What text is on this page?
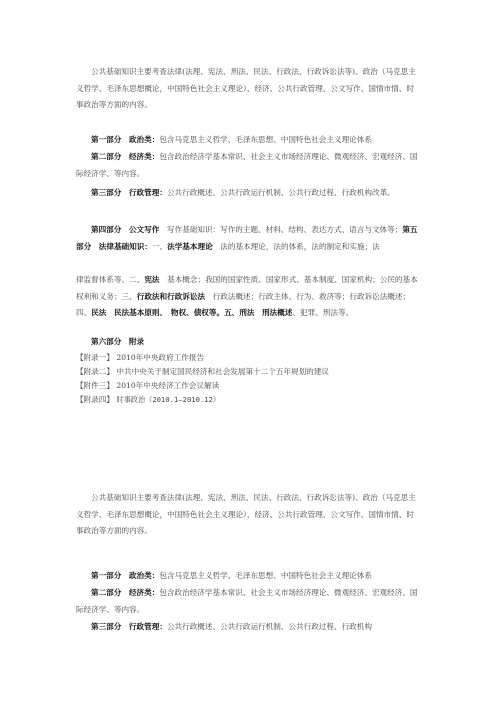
公共基础知识主要考查法律(法理、宪法、刑法、民法、行政法、行政诉讼法等)、政治（马克思主义哲学、毛泽东思想概论，中国特色社会主义理论）、经济、公共行政管理、公文写作、国情市情、时事政治等方面的内容。
第一部分　政治类：包含马克思主义哲学、毛泽东思想、中国特色社会主义理论体系
第二部分　经济类：包含政治经济学基本常识、社会主义市场经济理论、微观经济、宏观经济、国际经济学、等内容。
第三部分　行政管理：公共行政概述、公共行政运行机制、公共行政过程、行政机构改革。
第四部分　公文写作　写作基础知识：写作的主题、材料、结构、表达方式、语言与文体等；第五部分　法律基础知识：一、法学基本理论　法的基本理论，法的体系，法的制定和实施；法
律监督体系等。二、宪法　基本概念；我国的国家性质、国家形式、基本制度、国家机构；公民的基本权利和义务；三、行政法和行政诉讼法　行政法概述；行政主体、行为、救济等；行政诉讼法概述；四、民法　民法基本原则、　物权、债权等。五、刑法　刑法概述、犯罪、刑法等。
第六部分　附录
【附录一】 2010年中央政府工作报告
【附录二】 中共中央关于制定国民经济和社会发展第十二个五年规划的建议
【附件三】 2010年中央经济工作会议解读
【附录四】 时事政治（2010.1—2010.12）
公共基础知识主要考查法律(法理、宪法、刑法、民法、行政法、行政诉讼法等)、政治（马克思主义哲学、毛泽东思想概论，中国特色社会主义理论）、经济、公共行政管理、公文写作、国情市情、时事政治等方面的内容。
第一部分　政治类：包含马克思主义哲学、毛泽东思想、中国特色社会主义理论体系
第二部分　经济类：包含政治经济学基本常识、社会主义市场经济理论、微观经济、宏观经济、国际经济学、等内容。
第三部分　行政管理：公共行政概述、公共行政运行机制、公共行政过程、行政机构
